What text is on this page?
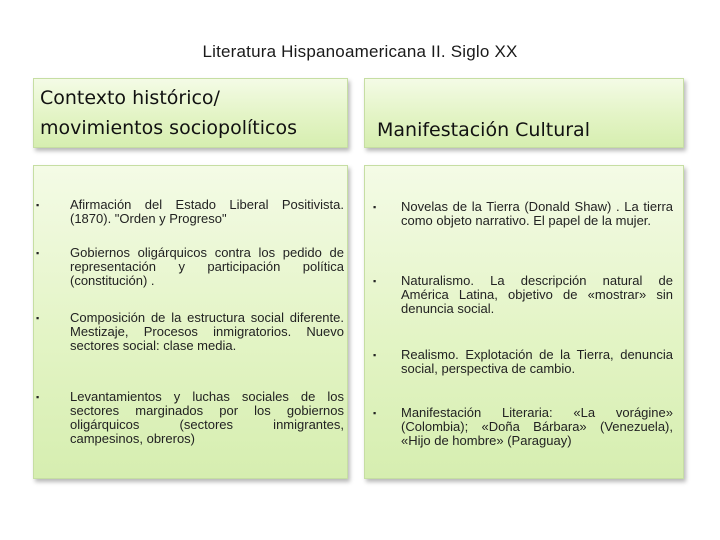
Literatura Hispanoamericana II. Siglo XX
Contexto histórico/
movimientos sociopolíticos	Manifestación Cultural
▪ Afirmación del Estado Liberal Positivista. (1870). "Orden y Progreso"
▪ Gobiernos oligárquicos contra los pedido de representación y participación política (constitución) .
▪ Composición de la estructura social diferente. Mestizaje, Procesos inmigratorios. Nuevo sectores social: clase media.
▪ Levantamientos y luchas sociales de los sectores marginados por los gobiernos oligárquicos (sectores inmigrantes, campesinos, obreros)
▪ Novelas de la Tierra (Donald Shaw) . La tierra como objeto narrativo. El papel de la mujer.
▪ Naturalismo. La descripción natural de América Latina, objetivo de «mostrar» sin denuncia social.
▪ Realismo. Explotación de la Tierra, denuncia social, perspectiva de cambio.
▪ Manifestación Literaria: «La vorágine» (Colombia); «Doña Bárbara» (Venezuela), «Hijo de hombre» (Paraguay)
